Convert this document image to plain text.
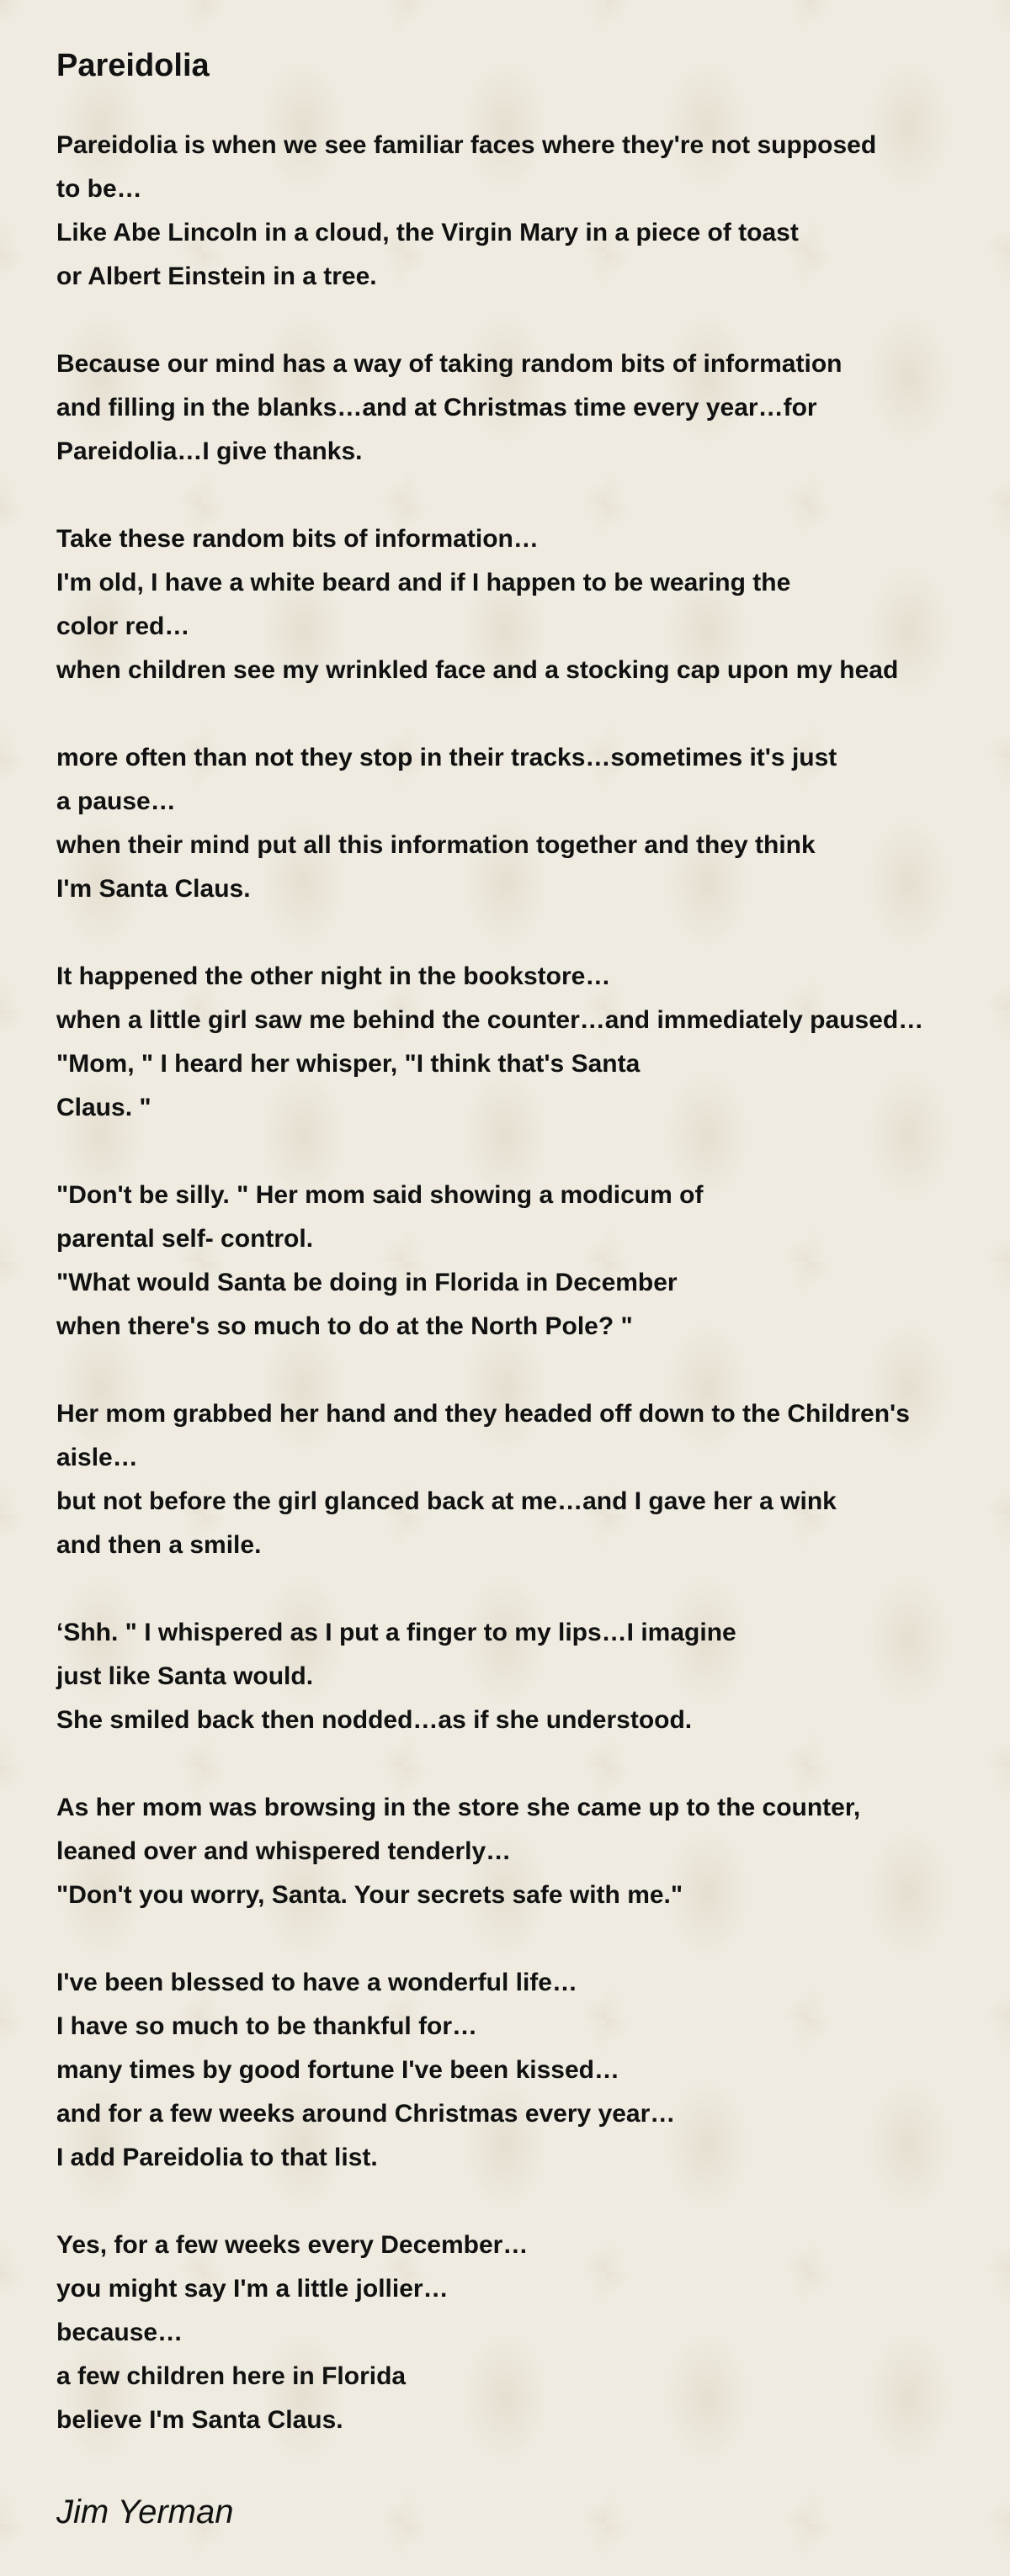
Pareidolia
Pareidolia is when we see familiar faces where they're not supposed
to be…
Like Abe Lincoln in a cloud, the Virgin Mary in a piece of toast
or Albert Einstein in a tree.
Because our mind has a way of taking random bits of information
and filling in the blanks…and at Christmas time every year…for
Pareidolia…I give thanks.
Take these random bits of information…
I'm old, I have a white beard and if I happen to be wearing the
color red…
when children see my wrinkled face and a stocking cap upon my head
more often than not they stop in their tracks…sometimes it's just
a pause…
when their mind put all this information together and they think
I'm Santa Claus.
It happened the other night in the bookstore…
when a little girl saw me behind the counter…and immediately paused…
"Mom, " I heard her whisper, "I think that's Santa
Claus. "
"Don't be silly. " Her mom said showing a modicum of
parental self- control.
"What would Santa be doing in Florida in December
when there's so much to do at the North Pole? "
Her mom grabbed her hand and they headed off down to the Children's
aisle…
but not before the girl glanced back at me…and I gave her a wink
and then a smile.
‘Shh. " I whispered as I put a finger to my lips…I imagine
just like Santa would.
She smiled back then nodded…as if she understood.
As her mom was browsing in the store she came up to the counter,
leaned over and whispered tenderly…
"Don't you worry, Santa. Your secrets safe with me."
I've been blessed to have a wonderful life…
I have so much to be thankful for…
many times by good fortune I've been kissed…
and for a few weeks around Christmas every year…
I add Pareidolia to that list.
Yes, for a few weeks every December…
you might say I'm a little jollier…
because…
a few children here in Florida
believe I'm Santa Claus.
Jim Yerman
